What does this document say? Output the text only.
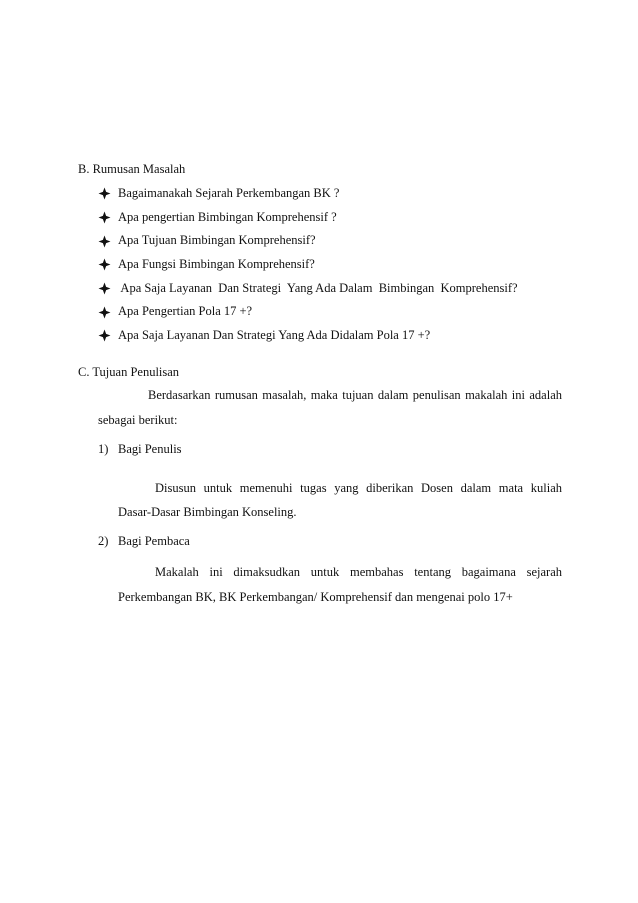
B. Rumusan Masalah
Bagaimanakah Sejarah Perkembangan BK ?
Apa pengertian Bimbingan Komprehensif ?
Apa Tujuan Bimbingan Komprehensif?
Apa Fungsi Bimbingan Komprehensif?
Apa Saja Layanan  Dan Strategi  Yang Ada Dalam  Bimbingan  Komprehensif?
Apa Pengertian Pola 17 +?
Apa Saja Layanan Dan Strategi Yang Ada Didalam Pola 17 +?
C. Tujuan Penulisan
Berdasarkan rumusan masalah, maka tujuan dalam penulisan makalah ini adalah
sebagai berikut:
1) Bagi Penulis
Disusun untuk memenuhi tugas yang diberikan Dosen dalam mata kuliah
Dasar-Dasar Bimbingan Konseling.
2) Bagi Pembaca
Makalah ini dimaksudkan untuk membahas tentang bagaimana sejarah
Perkembangan BK, BK Perkembangan/ Komprehensif dan mengenai polo 17+
